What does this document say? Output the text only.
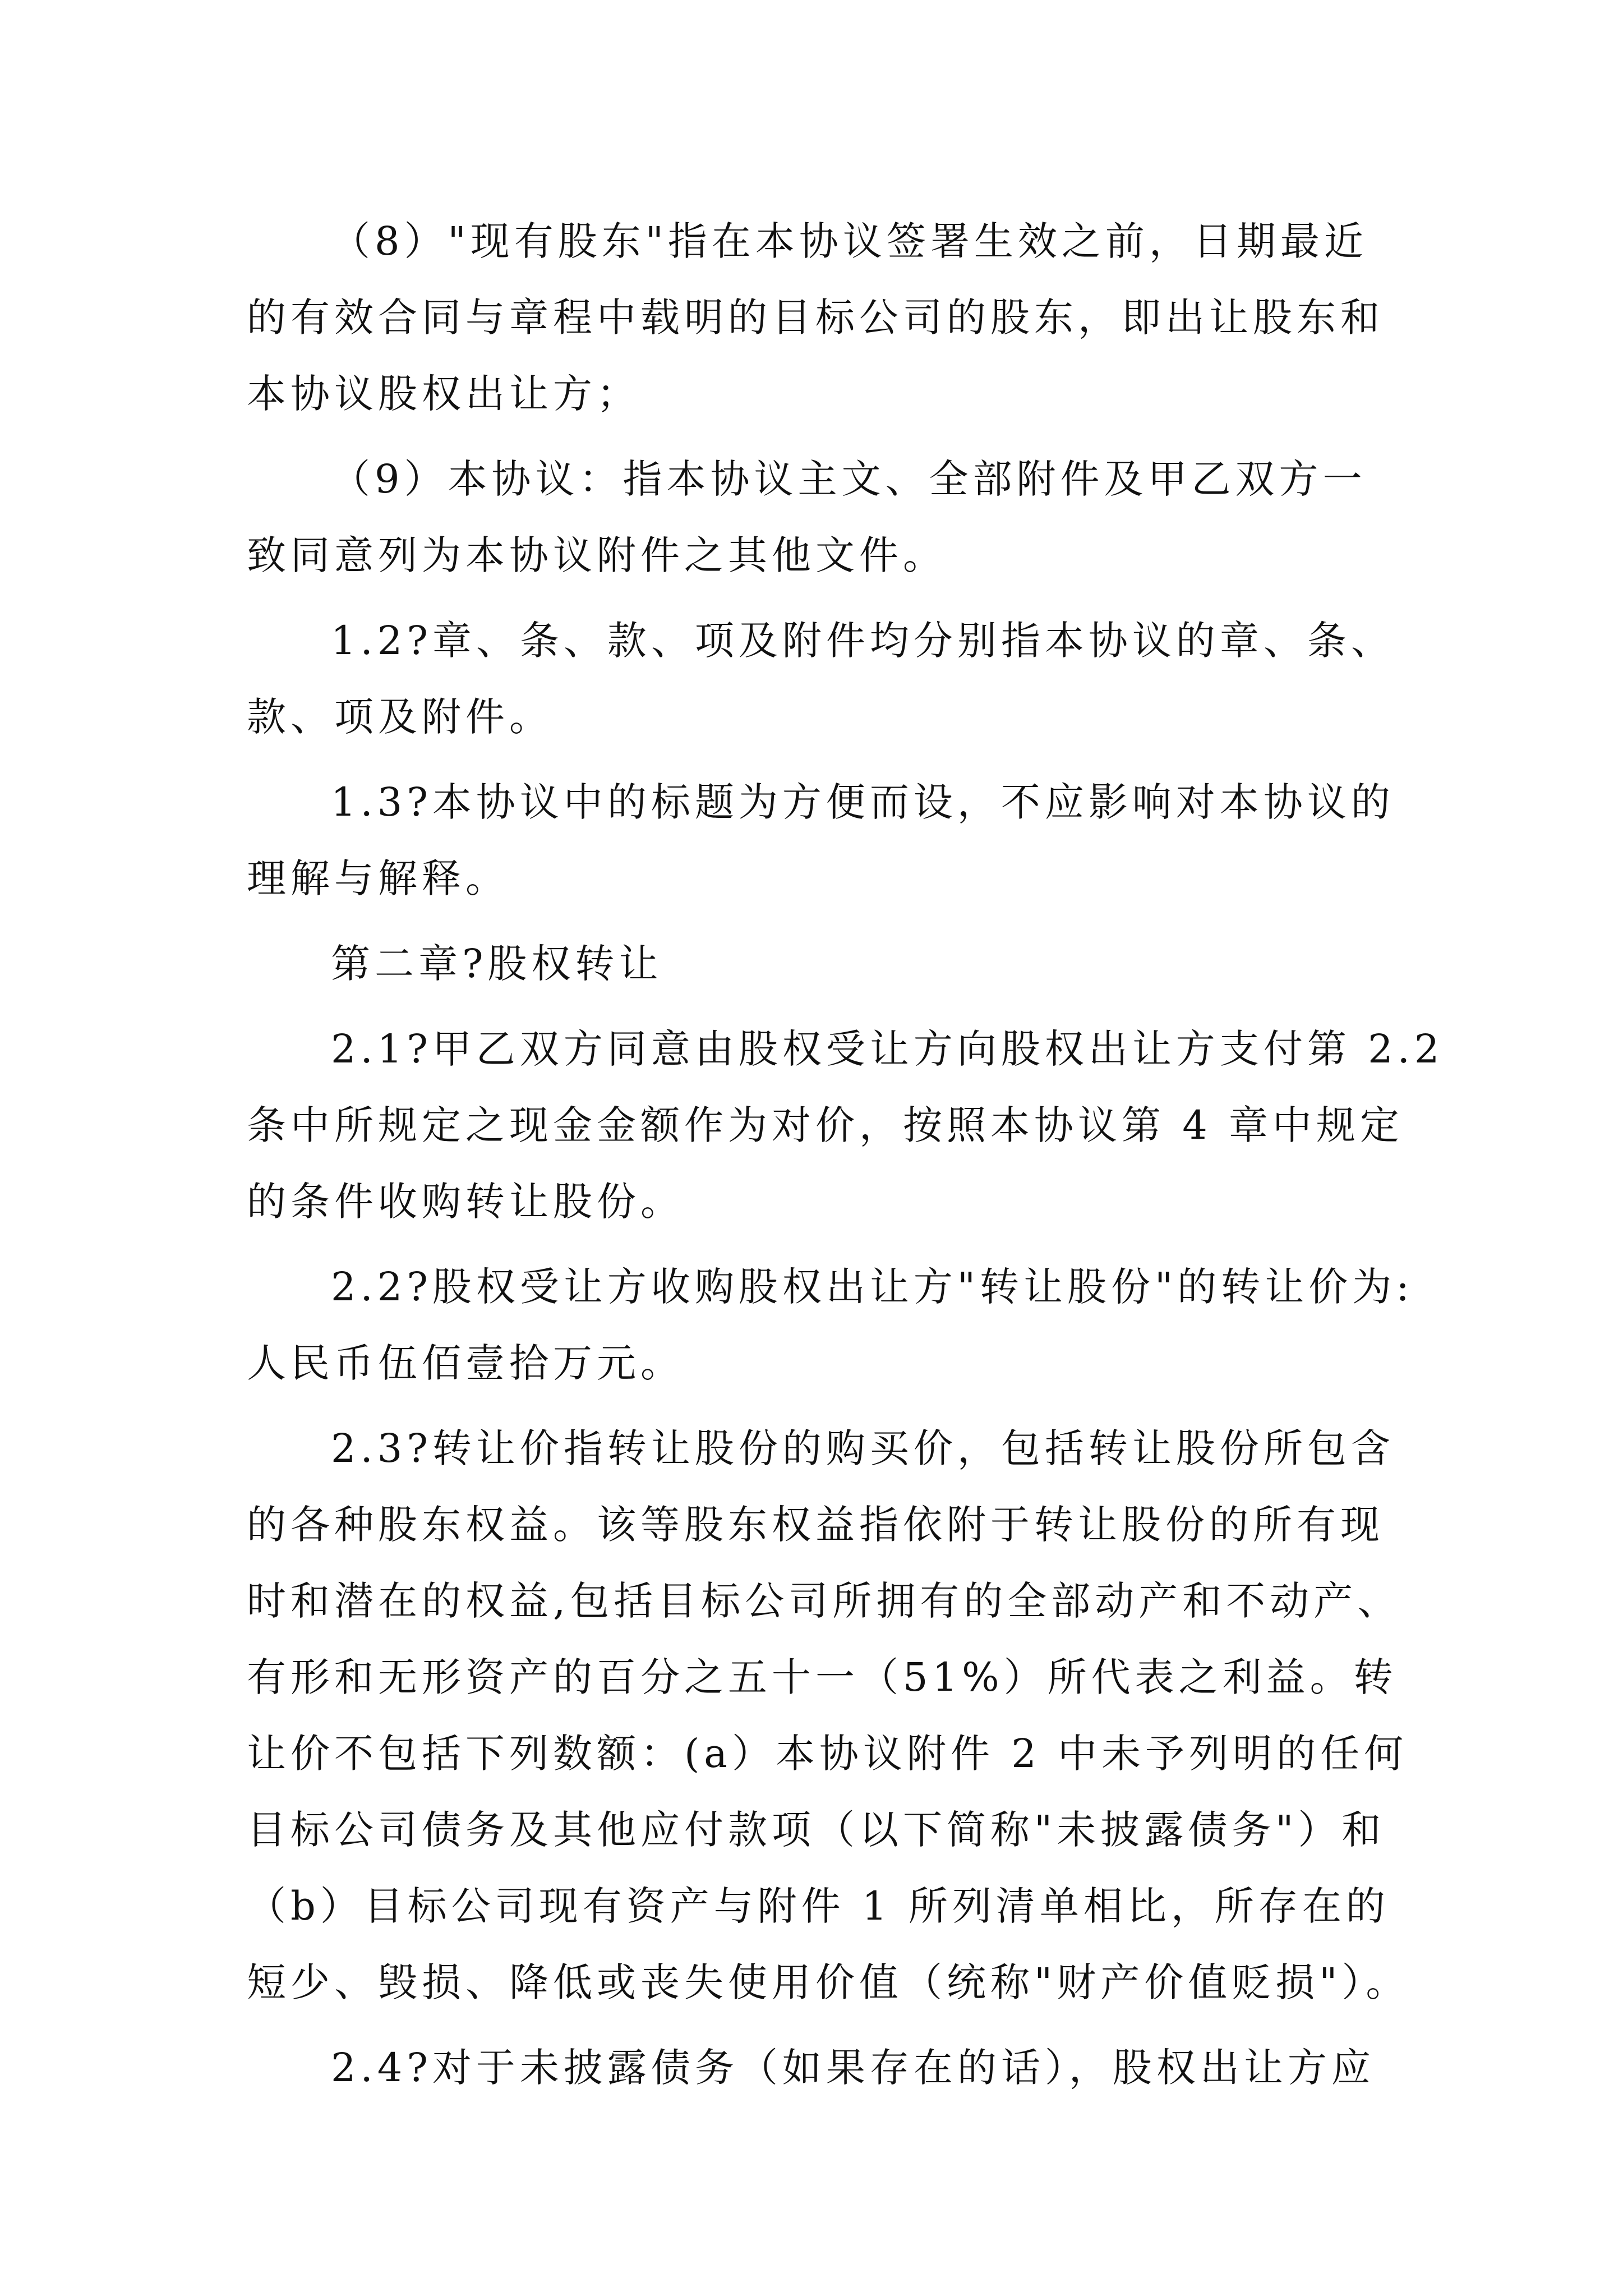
（8）"现有股东"指在本协议签署生效之前，日期最近
的有效合同与章程中载明的目标公司的股东，即出让股东和
本协议股权出让方；
（9）本协议：指本协议主文、全部附件及甲乙双方一
致同意列为本协议附件之其他文件。
1.2?章、条、款、项及附件均分别指本协议的章、条、
款、项及附件。
1.3?本协议中的标题为方便而设，不应影响对本协议的
理解与解释。
第二章?股权转让
2.1?甲乙双方同意由股权受让方向股权出让方支付第 2.2
条中所规定之现金金额作为对价，按照本协议第 4 章中规定
的条件收购转让股份。
2.2?股权受让方收购股权出让方"转让股份"的转让价为:
人民币伍佰壹拾万元。
2.3?转让价指转让股份的购买价，包括转让股份所包含
的各种股东权益。该等股东权益指依附于转让股份的所有现
时和潜在的权益,包括目标公司所拥有的全部动产和不动产、
有形和无形资产的百分之五十一（51%）所代表之利益。转
让价不包括下列数额：(a）本协议附件 2 中未予列明的任何
目标公司债务及其他应付款项（以下简称"未披露债务"）和
（b）目标公司现有资产与附件 1 所列清单相比，所存在的
短少、毁损、降低或丧失使用价值（统称"财产价值贬损"）。
2.4?对于未披露债务（如果存在的话），股权出让方应
